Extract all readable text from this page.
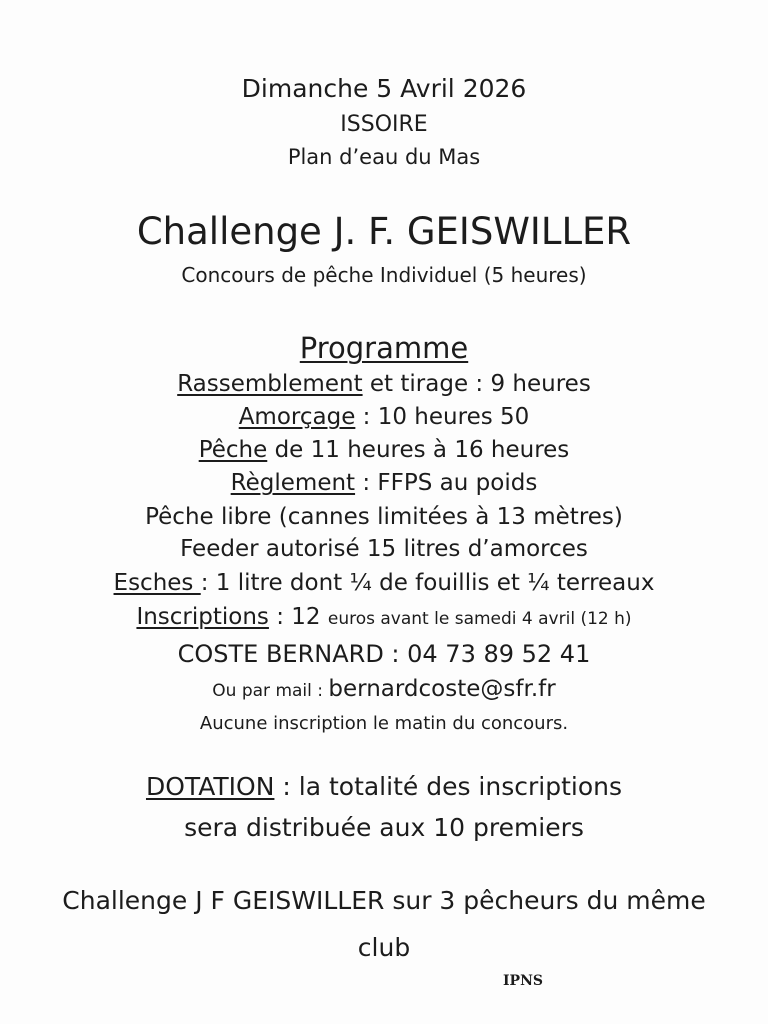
Dimanche 5 Avril 2026
ISSOIRE
Plan d’eau du Mas
Challenge J. F. GEISWILLER
Concours de pêche Individuel (5 heures)
Programme
Rassemblement et tirage : 9 heures
Amorçage : 10 heures 50
Pêche de 11 heures à 16 heures
Règlement : FFPS au poids
Pêche libre (cannes limitées à 13 mètres)
Feeder autorisé 15 litres d’amorces
Esches : 1 litre dont ¼ de fouillis et ¼ terreaux
Inscriptions : 12 euros avant le samedi 4 avril (12 h)
COSTE BERNARD : 04 73 89 52 41
Ou par mail : bernardcoste@sfr.fr
Aucune inscription le matin du concours.
DOTATION : la totalité des inscriptions
sera distribuée aux 10 premiers
Challenge J F GEISWILLER sur 3 pêcheurs du même
club
IPNS
